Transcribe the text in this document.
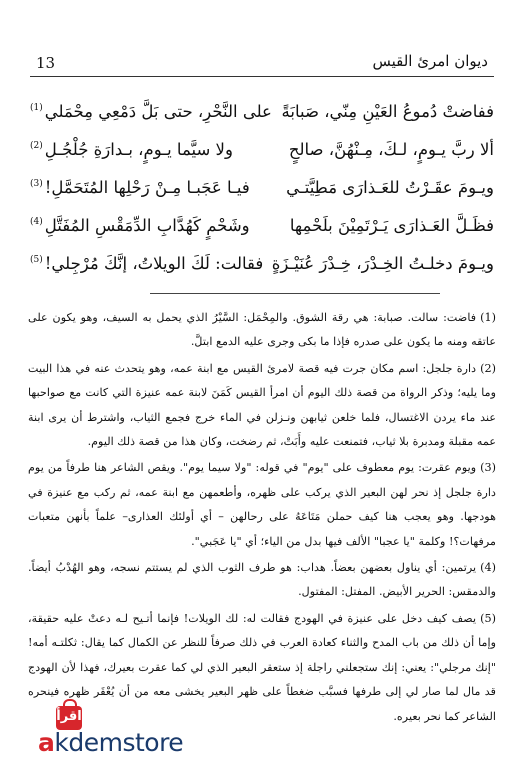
13	ديوان امرئ القيس
ففاضتْ دُموعُ العَيْنِ مِنّي، صَبابَةً
على النَّحْرِ، حتى بَلَّ دَمْعِي مِحْمَلي$^{(1)}$
ألا ربَّ يـومٍ، لـكَ، مِـنْهُنَّ، صالحٍ
ولا سيَّما يـومٍ، بـدارَةِ جُلْجُـلِ$^{(2)}$
ويـومَ عقَـرْتُ للعَـذارَى مَطِيَّتـي
فيـا عَجَبـا مِـنْ رَحْلِها المُتَحَمَّلِ!$^{(3)}$
فظَـلَّ العَـذارَى يَـرْتَمِيْنَ بلَحْمِها
وشَحْمٍ كَهُدَّابِ الدِّمَقْسِ المُفَتَّلِ$^{(4)}$
ويـومَ دخلـتُ الخِـدْرَ، خِـدْرَ عُنَيْـزَةٍ
فقالت: لَكَ الويلاتُ، إنَّكَ مُرْجِلي!$^{(5)}$

(1)فاضت: سالت. صبابة: هي رقة الشوق. والمِحْمَل: السَّيْرُ الذي يحمل به السيف، وهو يكون على عاتقه ومنه ما يكون على صدره فإذا ما بكى وجرى عليه الدمع ابتلَّ.

(2)دارة جلجل: اسم مكان جرت فيه قصة لامرئ القيس مع ابنة عمه، وهو يتحدث عنه في هذا البيت وما يليه؛ وذكر الرواة من قصة ذلك اليوم أن امرأ القيس كَمَنَ لابنة عمه عنيزة التي كانت مع صواحبها عند ماء يردن الاغتسال، فلما خلعن ثيابهن ونـزلن في الماء خرج فجمع الثياب، واشترط أن يرى ابنة عمه مقبلة ومدبرة بلا ثياب، فتمنعت عليه وأَبَتْ، ثم رضخت، وكان هذا من قصة ذلك اليوم.

(3)ويوم عقرت: يوم معطوف على "يوم" في قوله: "ولا سيما يوم". ويقص الشاعر هنا طرفاً من يوم دارة جلجل إذ نحر لهن البعير الذي يركب على ظهره، وأطعمهن مع ابنة عمه، ثم ركب مع عنيزة في هودجها. وهو يعجب هنا كيف حملن مَتَاعَهُ على رحالهن – أي أولئك العذارى– علماً بأنهن متعبات مرفهات؟! وكلمة "يا عجبا" الألف فيها بدل من الياء؛ أي "يا عَجَبي".

(4)يرتمين: أي يناول بعضهن بعضاً. هداب: هو طرف الثوب الذي لم يستتم نسجه، وهو الهُدْبُ أيضاً. والدمقس: الحرير الأبيض. المفتل: المفتول.

(5)يصف كيف دخل على عنيزة في الهودج فقالت له: لك الويلات! فإنما أتـيح لـه دعتْ عليه حقيقة، وإما أن ذلك من باب المدح والثناء كعادة العرب في ذلك صرفاً للنظر عن الكمال كما يقال: ثكلتـه أمه! "إنك مرجلي": يعني: إنك ستجعلني راجلة إذ ستعقر البعير الذي لي كما عقرت بعيرك، فهذا لأن الهودج قد مال لما صار لي إلى طرفها فسبَّب ضغطاً على ظهر البعير يخشى معه من أن يُعْقَر ظهره فينحره الشاعر كما نحر بعيره.

اقرأ
akdemstore
